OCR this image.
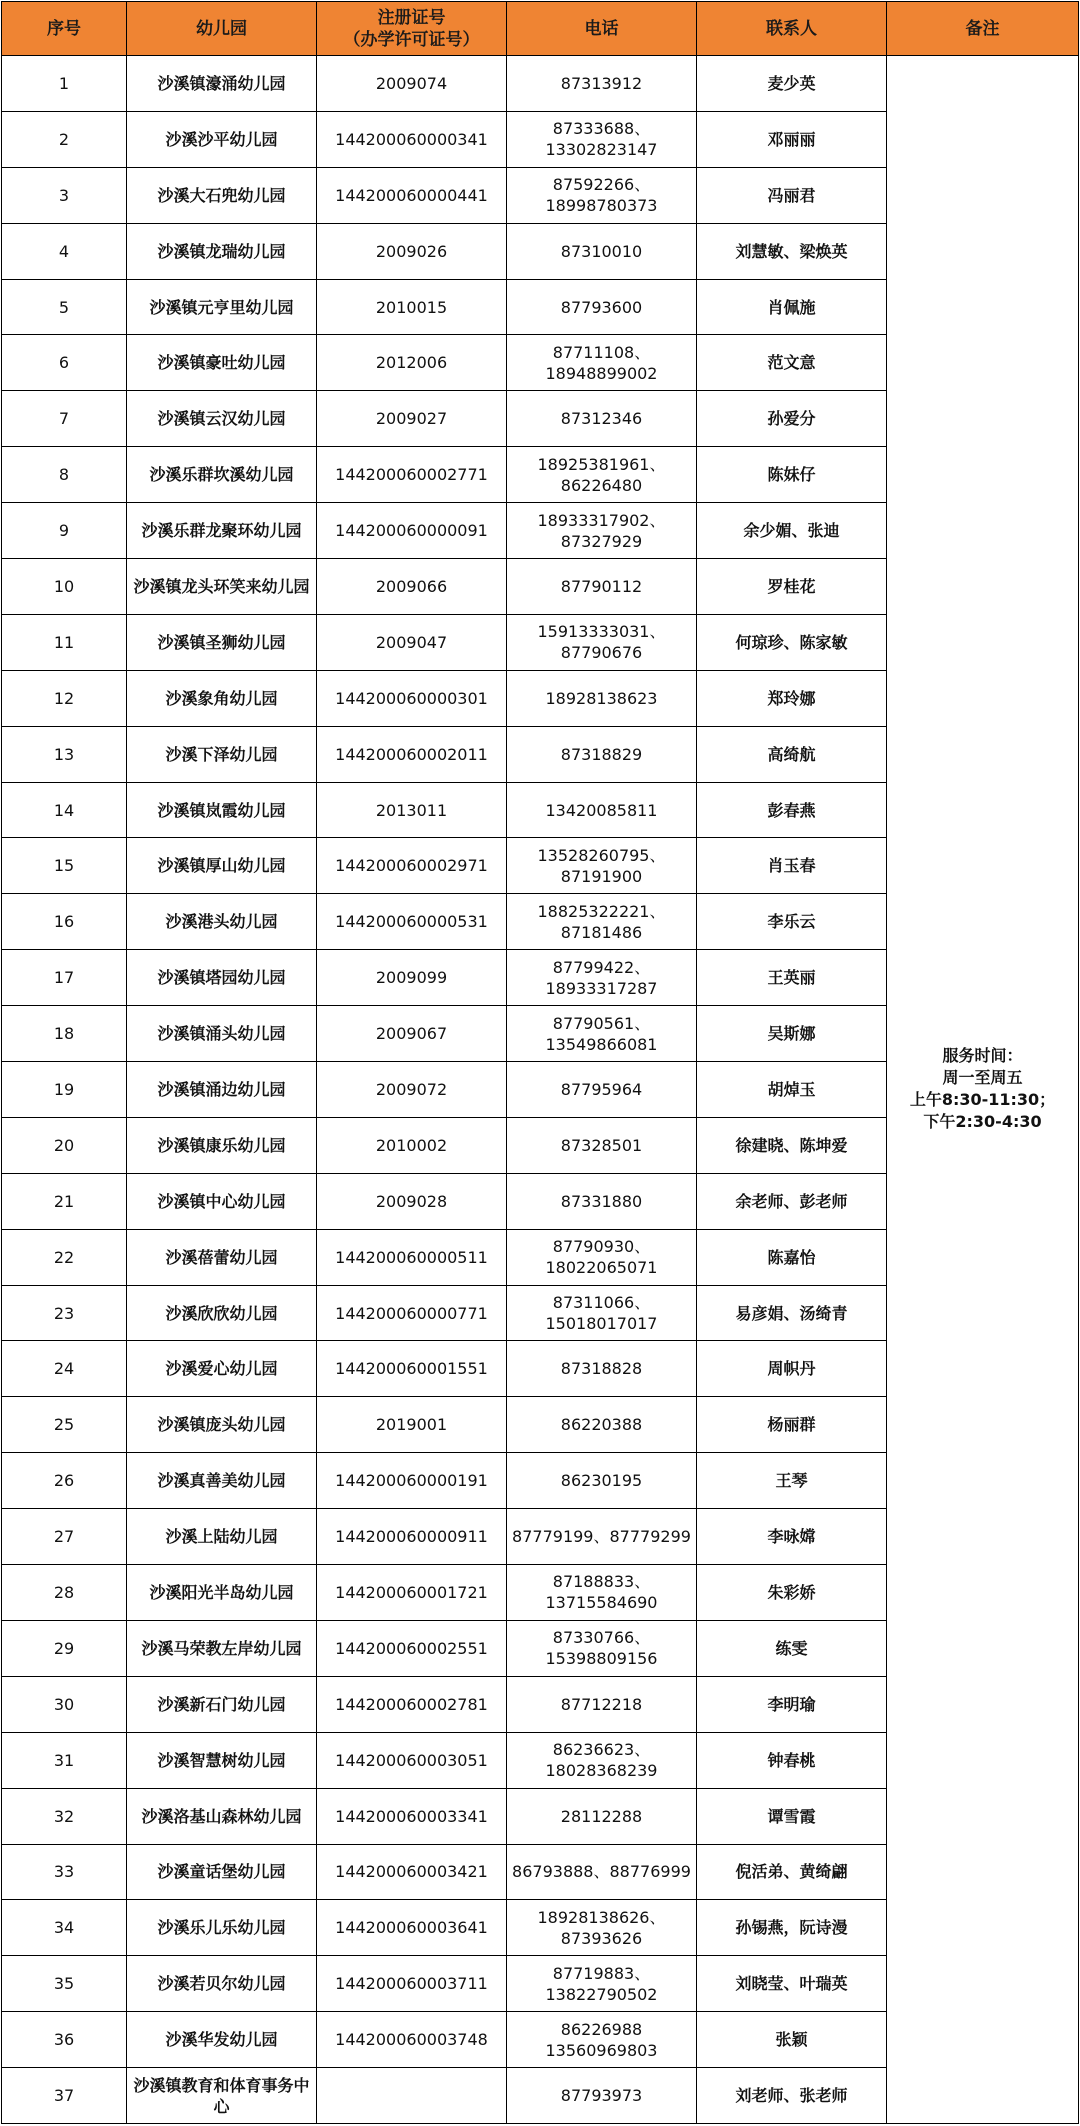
序号	幼儿园	注册证号
（办学许可证号）	电话	联系人	备注
1	沙溪镇濠涌幼儿园	2009074	87313912	麦少英	服务时间：
周一至周五
上午8:30-11:30；
下午2:30-4:30

2	沙溪沙平幼儿园	144200060000341	87333688、
13302823147	邓丽丽	
3	沙溪大石兜幼儿园	144200060000441	87592266、
18998780373	冯丽君	
4	沙溪镇龙瑞幼儿园	2009026	87310010	刘慧敏、梁焕英	
5	沙溪镇元亨里幼儿园	2010015	87793600	肖佩施	
6	沙溪镇豪吐幼儿园	2012006	87711108、
18948899002	范文意	
7	沙溪镇云汉幼儿园	2009027	87312346	孙爱分	
8	沙溪乐群坎溪幼儿园	144200060002771	18925381961、
86226480	陈妹仔	
9	沙溪乐群龙聚环幼儿园	144200060000091	18933317902、
87327929	余少媚、张迪	
10	沙溪镇龙头环笑来幼儿园	2009066	87790112	罗桂花	
11	沙溪镇圣狮幼儿园	2009047	15913333031、
87790676	何琼珍、陈家敏	
12	沙溪象角幼儿园	144200060000301	18928138623	郑玲娜	
13	沙溪下泽幼儿园	144200060002011	87318829	高绮航	
14	沙溪镇岚霞幼儿园	2013011	13420085811	彭春燕	
15	沙溪镇厚山幼儿园	144200060002971	13528260795、
87191900	肖玉春	
16	沙溪港头幼儿园	144200060000531	18825322221、
87181486	李乐云	
17	沙溪镇塔园幼儿园	2009099	87799422、
18933317287	王英丽	
18	沙溪镇涌头幼儿园	2009067	87790561、
13549866081	吴斯娜	
19	沙溪镇涌边幼儿园	2009072	87795964	胡焯玉	
20	沙溪镇康乐幼儿园	2010002	87328501	徐建晓、陈坤爱	
21	沙溪镇中心幼儿园	2009028	87331880	余老师、彭老师	
22	沙溪蓓蕾幼儿园	144200060000511	87790930、
18022065071	陈嘉怡	
23	沙溪欣欣幼儿园	144200060000771	87311066、
15018017017	易彦娟、汤绮青	
24	沙溪爱心幼儿园	144200060001551	87318828	周帜丹	
25	沙溪镇庞头幼儿园	2019001	86220388	杨丽群	
26	沙溪真善美幼儿园	144200060000191	86230195	王琴	
27	沙溪上陆幼儿园	144200060000911	87779199、87779299	李咏嫦	
28	沙溪阳光半岛幼儿园	144200060001721	87188833、
13715584690	朱彩娇	
29	沙溪马荣教左岸幼儿园	144200060002551	87330766、
15398809156	练雯	
30	沙溪新石门幼儿园	144200060002781	87712218	李明瑜	
31	沙溪智慧树幼儿园	144200060003051	86236623、
18028368239	钟春桃	
32	沙溪洛基山森林幼儿园	144200060003341	28112288	谭雪霞	
33	沙溪童话堡幼儿园	144200060003421	86793888、88776999	倪活弟、黄绮翩	
34	沙溪乐儿乐幼儿园	144200060003641	18928138626、
87393626	孙锡燕，阮诗漫	
35	沙溪若贝尔幼儿园	144200060003711	87719883、
13822790502	刘晓莹、叶瑞英	
36	沙溪华发幼儿园	144200060003748	86226988
13560969803	张颖	
37	沙溪镇教育和体育事务中心		87793973	刘老师、张老师	
